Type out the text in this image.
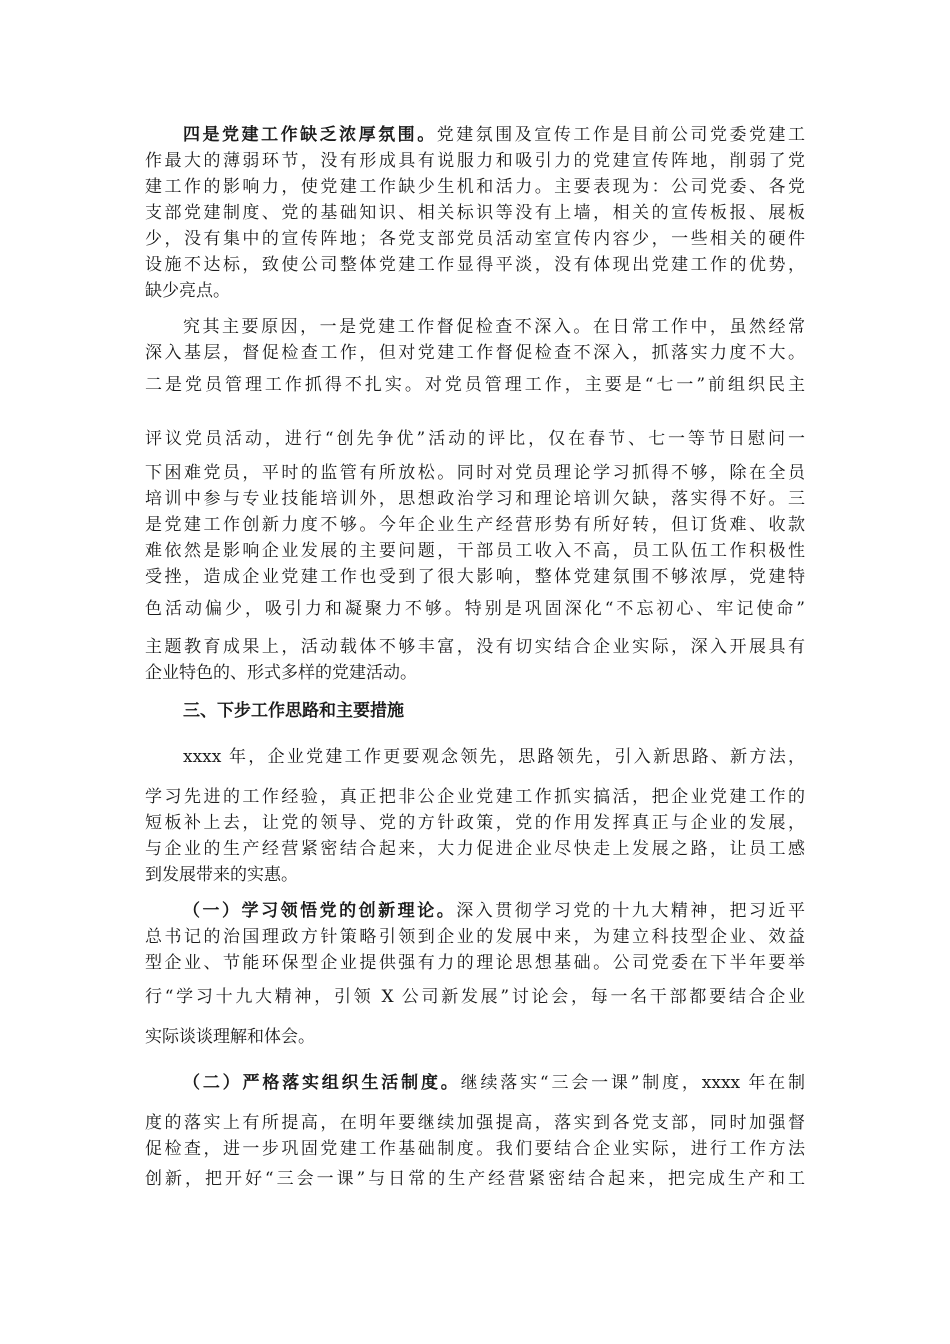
四是党建工作缺乏浓厚氛围。党建氛围及宣传工作是目前公司党委党建工
作最大的薄弱环节，没有形成具有说服力和吸引力的党建宣传阵地，削弱了党
建工作的影响力，使党建工作缺少生机和活力。主要表现为：公司党委、各党
支部党建制度、党的基础知识、相关标识等没有上墙，相关的宣传板报、展板
少，没有集中的宣传阵地；各党支部党员活动室宣传内容少，一些相关的硬件
设施不达标，致使公司整体党建工作显得平淡，没有体现出党建工作的优势，
缺少亮点。
究其主要原因，一是党建工作督促检查不深入。在日常工作中，虽然经常
深入基层，督促检查工作，但对党建工作督促检查不深入，抓落实力度不大。
二是党员管理工作抓得不扎实。对党员管理工作，主要是“七一”前组织民主
评议党员活动，进行“创先争优”活动的评比，仅在春节、七一等节日慰问一
下困难党员，平时的监管有所放松。同时对党员理论学习抓得不够，除在全员
培训中参与专业技能培训外，思想政治学习和理论培训欠缺，落实得不好。三
是党建工作创新力度不够。今年企业生产经营形势有所好转，但订货难、收款
难依然是影响企业发展的主要问题，干部员工收入不高，员工队伍工作积极性
受挫，造成企业党建工作也受到了很大影响，整体党建氛围不够浓厚，党建特
色活动偏少，吸引力和凝聚力不够。特别是巩固深化“不忘初心、牢记使命”
主题教育成果上，活动载体不够丰富，没有切实结合企业实际，深入开展具有
企业特色的、形式多样的党建活动。
三、下步工作思路和主要措施
xxxx 年，企业党建工作更要观念领先，思路领先，引入新思路、新方法，
学习先进的工作经验，真正把非公企业党建工作抓实搞活，把企业党建工作的
短板补上去，让党的领导、党的方针政策，党的作用发挥真正与企业的发展，
与企业的生产经营紧密结合起来，大力促进企业尽快走上发展之路，让员工感
到发展带来的实惠。
（一）学习领悟党的创新理论。深入贯彻学习党的十九大精神，把习近平
总书记的治国理政方针策略引领到企业的发展中来，为建立科技型企业、效益
型企业、节能环保型企业提供强有力的理论思想基础。公司党委在下半年要举
行“学习十九大精神，引领 X 公司新发展”讨论会，每一名干部都要结合企业
实际谈谈理解和体会。
（二）严格落实组织生活制度。继续落实“三会一课”制度，xxxx 年在制
度的落实上有所提高，在明年要继续加强提高，落实到各党支部，同时加强督
促检查，进一步巩固党建工作基础制度。我们要结合企业实际，进行工作方法
创新，把开好“三会一课”与日常的生产经营紧密结合起来，把完成生产和工
